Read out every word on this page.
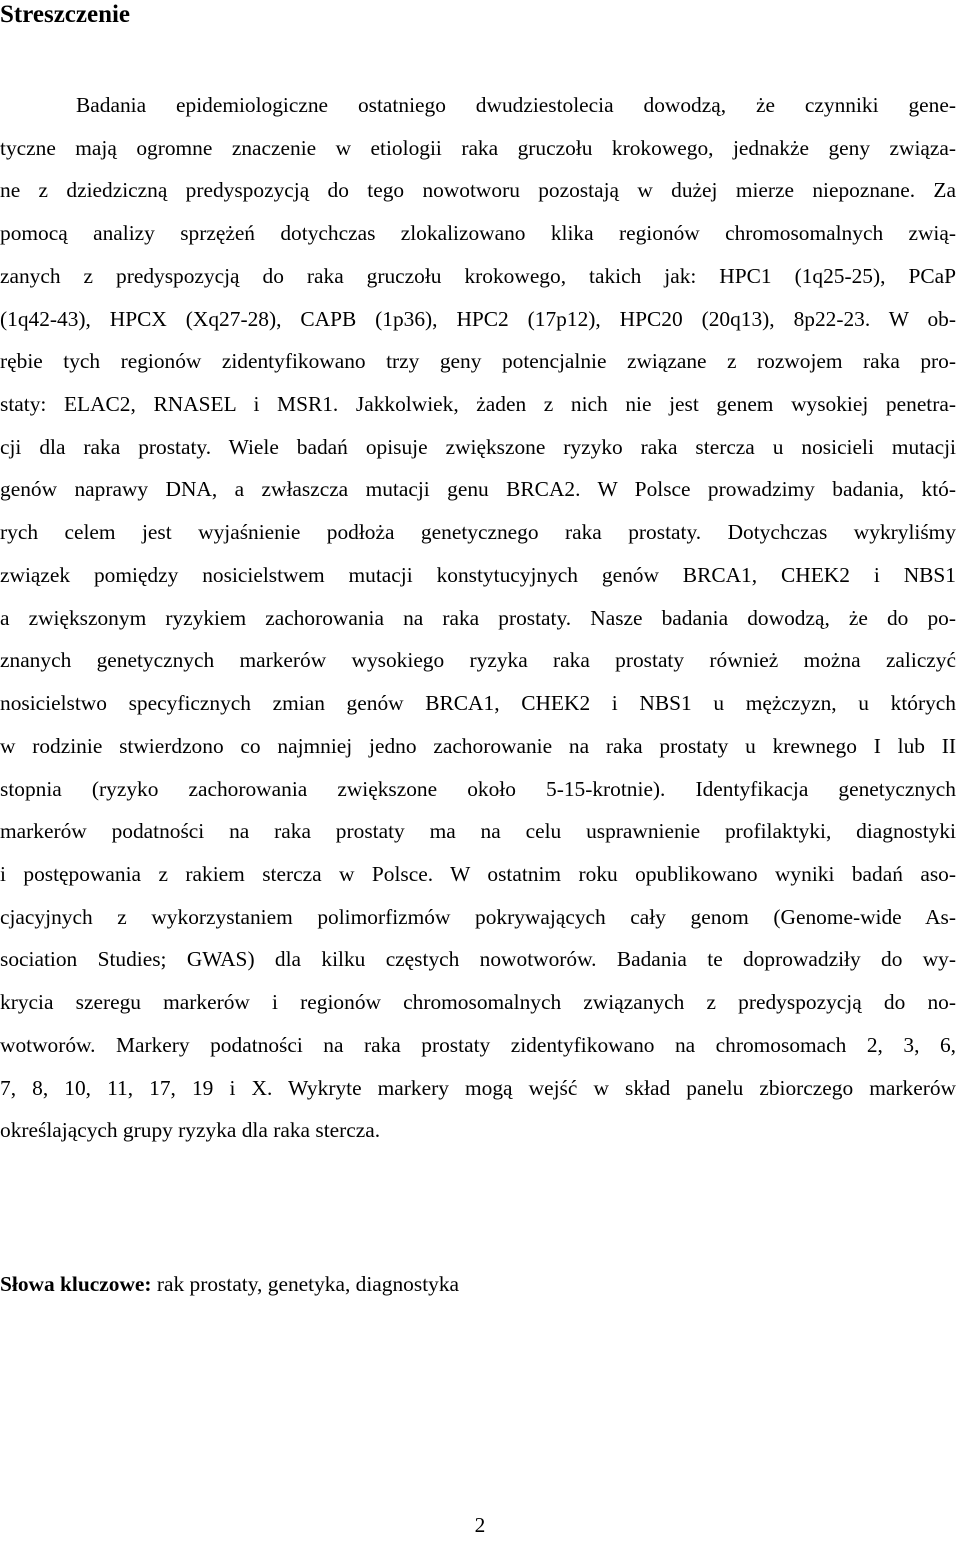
Streszczenie
Badania epidemiologiczne ostatniego dwudziestolecia dowodzą, że czynniki gene-
tyczne mają ogromne znaczenie w etiologii raka gruczołu krokowego, jednakże geny związa-
ne z dziedziczną predyspozycją do tego nowotworu pozostają w dużej mierze niepoznane. Za
pomocą analizy sprzężeń dotychczas zlokalizowano klika regionów chromosomalnych zwią-
zanych z predyspozycją do raka gruczołu krokowego, takich jak: HPC1 (1q25-25), PCaP
(1q42-43), HPCX (Xq27-28), CAPB (1p36), HPC2 (17p12), HPC20 (20q13), 8p22-23. W ob-
rębie tych regionów zidentyfikowano trzy geny potencjalnie związane z rozwojem raka pro-
staty: ELAC2, RNASEL i MSR1. Jakkolwiek, żaden z nich nie jest genem wysokiej penetra-
cji dla raka prostaty. Wiele badań opisuje zwiększone ryzyko raka stercza u nosicieli mutacji
genów naprawy DNA, a zwłaszcza mutacji genu BRCA2. W Polsce prowadzimy badania, któ-
rych celem jest wyjaśnienie podłoża genetycznego raka prostaty. Dotychczas wykryliśmy
związek pomiędzy nosicielstwem mutacji konstytucyjnych genów BRCA1, CHEK2 i NBS1
a zwiększonym ryzykiem zachorowania na raka prostaty. Nasze badania dowodzą, że do po-
znanych genetycznych markerów wysokiego ryzyka raka prostaty również można zaliczyć
nosicielstwo specyficznych zmian genów BRCA1, CHEK2 i NBS1 u mężczyzn, u których
w rodzinie stwierdzono co najmniej jedno zachorowanie na raka prostaty u krewnego I lub II
stopnia (ryzyko zachorowania zwiększone około 5-15-krotnie). Identyfikacja genetycznych
markerów podatności na raka prostaty ma na celu usprawnienie profilaktyki, diagnostyki
i postępowania z rakiem stercza w Polsce. W ostatnim roku opublikowano wyniki badań aso-
cjacyjnych z wykorzystaniem polimorfizmów pokrywających cały genom (Genome-wide As-
sociation Studies; GWAS) dla kilku częstych nowotworów. Badania te doprowadziły do wy-
krycia szeregu markerów i regionów chromosomalnych związanych z predyspozycją do no-
wotworów. Markery podatności na raka prostaty zidentyfikowano na chromosomach 2, 3, 6,
7, 8, 10, 11, 17, 19 i X. Wykryte markery mogą wejść w skład panelu zbiorczego markerów
określających grupy ryzyka dla raka stercza.
Słowa kluczowe: rak prostaty, genetyka, diagnostyka
2
